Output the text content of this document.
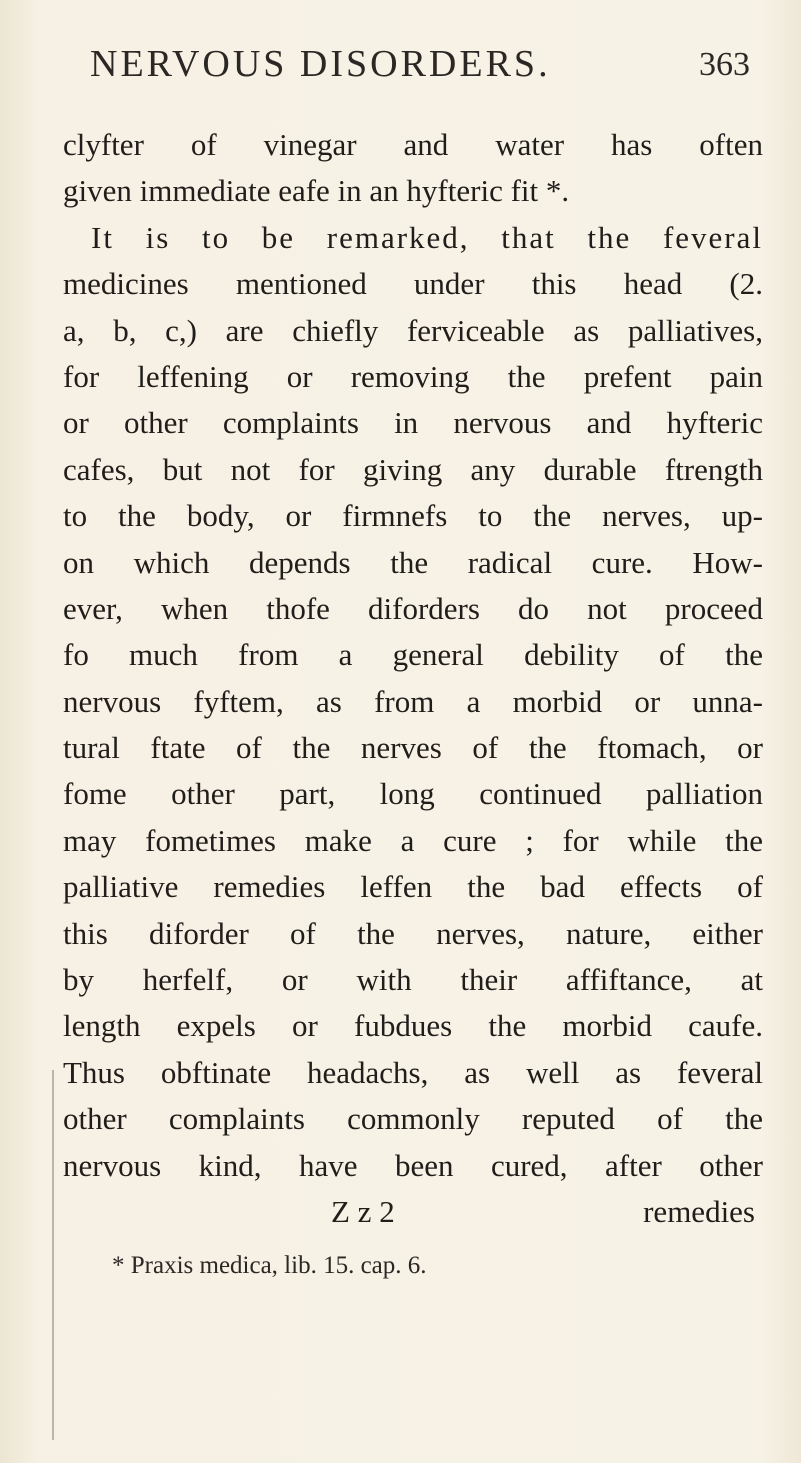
NERVOUS DISORDERS.	363
clyfter of vinegar and water has often
given immediate eafe in an hyfteric fit *.
It is to be remarked, that the feveral
medicines mentioned under this head (2.
a, b, c,) are chiefly ferviceable as palliatives,
for leffening or removing the prefent pain
or other complaints in nervous and hyfteric
cafes, but not for giving any durable ftrength
to the body, or firmnefs to the nerves, up-
on which depends the radical cure. How-
ever, when thofe diforders do not proceed
fo much from a general debility of the
nervous fyftem, as from a morbid or unna-
tural ftate of the nerves of the ftomach, or
fome other part, long continued palliation
may fometimes make a cure ; for while the
palliative remedies leffen the bad effects of
this diforder of the nerves, nature, either
by herfelf, or with their affiftance, at
length expels or fubdues the morbid caufe.
Thus obftinate headachs, as well as feveral
other complaints commonly reputed of the
nervous kind, have been cured, after other
Z z 2	remedies
* Praxis medica, lib. 15. cap. 6.
